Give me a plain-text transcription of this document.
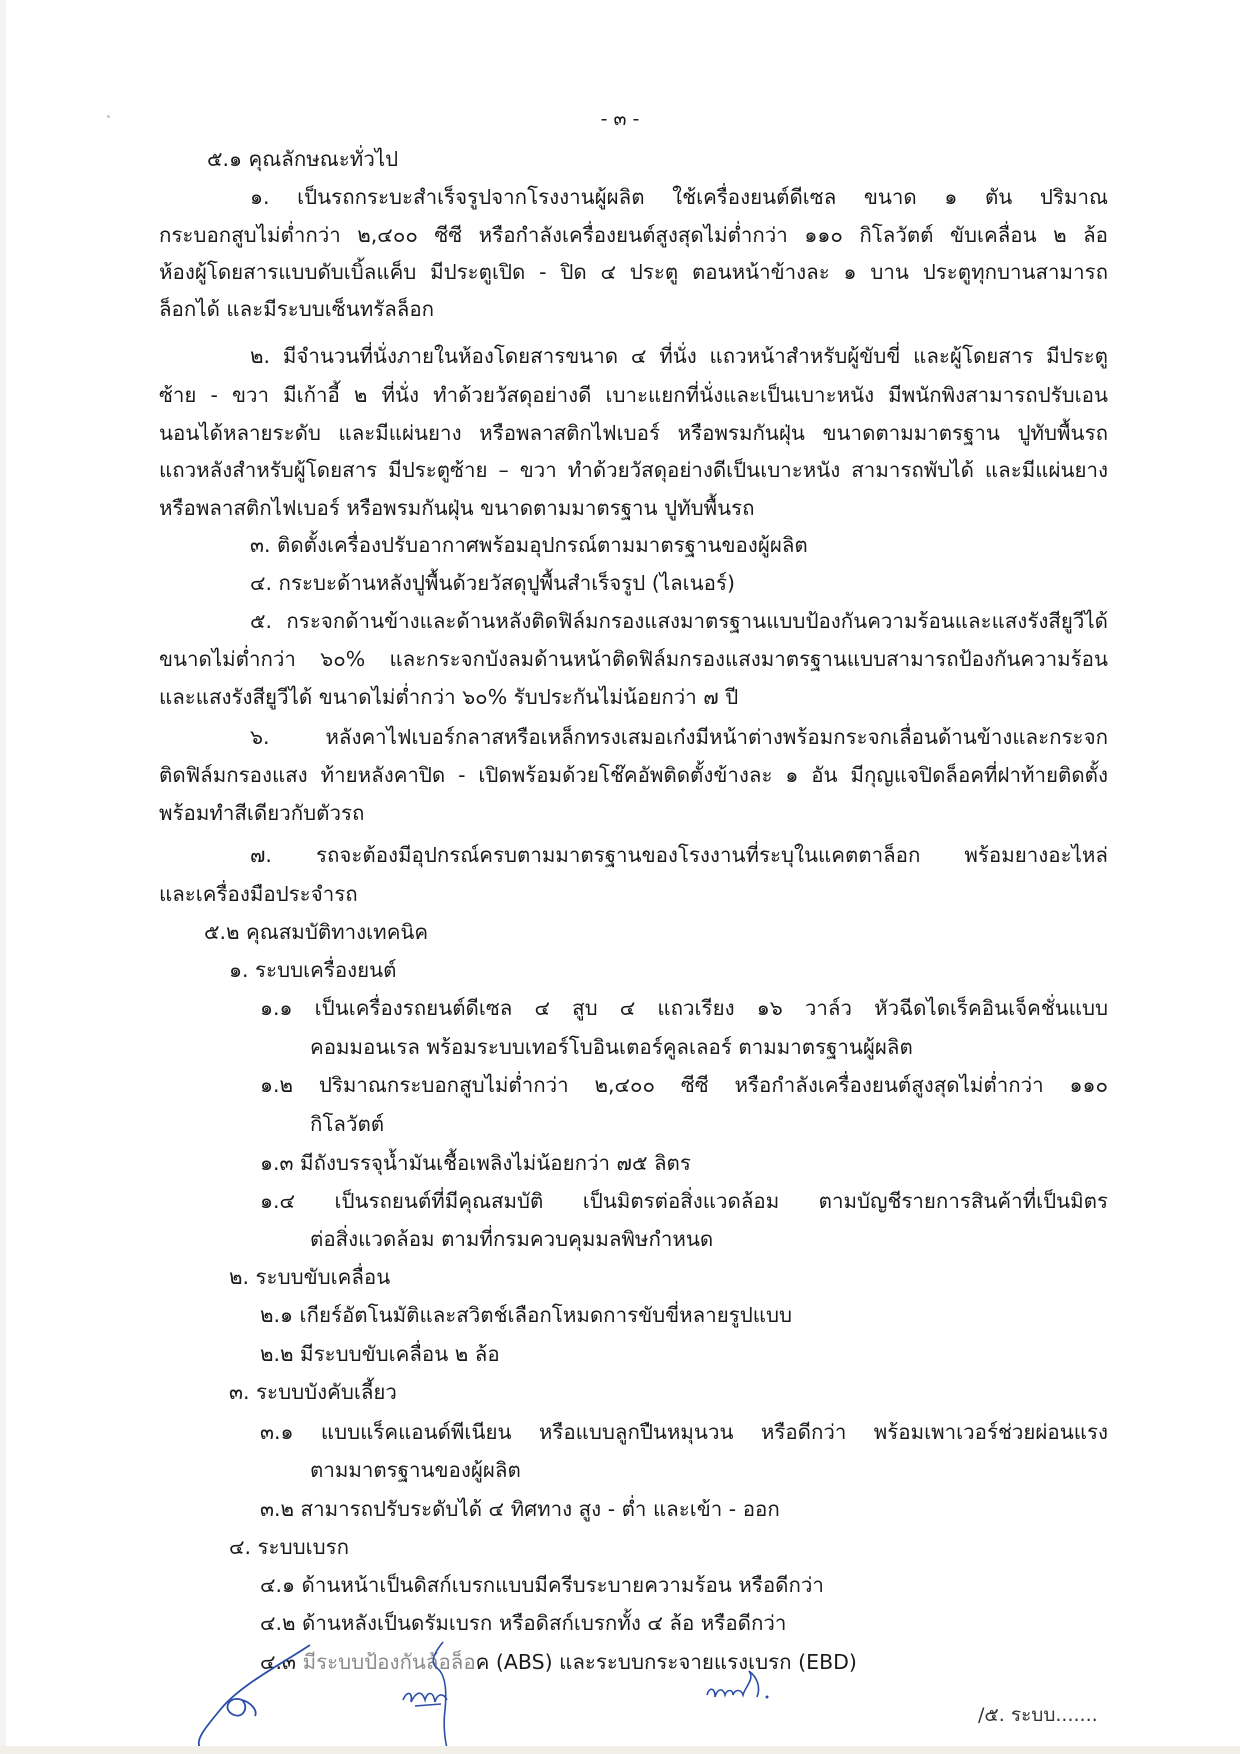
- ๓ -
๕.๑ คุณลักษณะทั่วไป
๑. เป็นรถกระบะสำเร็จรูปจากโรงงานผู้ผลิต ใช้เครื่องยนต์ดีเซล ขนาด ๑ ตัน ปริมาณ
กระบอกสูบไม่ต่ำกว่า ๒,๔๐๐ ซีซี หรือกำลังเครื่องยนต์สูงสุดไม่ต่ำกว่า ๑๑๐ กิโลวัตต์ ขับเคลื่อน ๒ ล้อ
ห้องผู้โดยสารแบบดับเบิ้ลแค็บ มีประตูเปิด - ปิด ๔ ประตู ตอนหน้าข้างละ ๑ บาน ประตูทุกบานสามารถ
ล็อกได้ และมีระบบเซ็นทรัลล็อก
๒. มีจำนวนที่นั่งภายในห้องโดยสารขนาด ๔ ที่นั่ง แถวหน้าสำหรับผู้ขับขี่ และผู้โดยสาร มีประตู
ซ้าย - ขวา มีเก้าอี้ ๒ ที่นั่ง ทำด้วยวัสดุอย่างดี เบาะแยกที่นั่งและเป็นเบาะหนัง มีพนักพิงสามารถปรับเอน
นอนได้หลายระดับ และมีแผ่นยาง หรือพลาสติกไฟเบอร์ หรือพรมกันฝุ่น ขนาดตามมาตรฐาน ปูทับพื้นรถ
แถวหลังสำหรับผู้โดยสาร มีประตูซ้าย – ขวา ทำด้วยวัสดุอย่างดีเป็นเบาะหนัง สามารถพับได้ และมีแผ่นยาง
หรือพลาสติกไฟเบอร์ หรือพรมกันฝุ่น ขนาดตามมาตรฐาน ปูทับพื้นรถ
๓. ติดตั้งเครื่องปรับอากาศพร้อมอุปกรณ์ตามมาตรฐานของผู้ผลิต
๔. กระบะด้านหลังปูพื้นด้วยวัสดุปูพื้นสำเร็จรูป (ไลเนอร์)
๕. กระจกด้านข้างและด้านหลังติดฟิล์มกรองแสงมาตรฐานแบบป้องกันความร้อนและแสงรังสียูวีได้
ขนาดไม่ต่ำกว่า ๖๐% และกระจกบังลมด้านหน้าติดฟิล์มกรองแสงมาตรฐานแบบสามารถป้องกันความร้อน
และแสงรังสียูวีได้ ขนาดไม่ต่ำกว่า ๖๐% รับประกันไม่น้อยกว่า ๗ ปี
๖. หลังคาไฟเบอร์กลาสหรือเหล็กทรงเสมอเก๋งมีหน้าต่างพร้อมกระจกเลื่อนด้านข้างและกระจก
ติดฟิล์มกรองแสง ท้ายหลังคาปิด - เปิดพร้อมด้วยโช๊คอัพติดตั้งข้างละ ๑ อัน มีกุญแจปิดล็อคที่ฝาท้ายติดตั้ง
พร้อมทำสีเดียวกับตัวรถ
๗. รถจะต้องมีอุปกรณ์ครบตามมาตรฐานของโรงงานที่ระบุในแคตตาล็อก พร้อมยางอะไหล่
และเครื่องมือประจำรถ
๕.๒ คุณสมบัติทางเทคนิค
๑. ระบบเครื่องยนต์
๑.๑ เป็นเครื่องรถยนต์ดีเซล ๔ สูบ ๔ แถวเรียง ๑๖ วาล์ว หัวฉีดไดเร็คอินเจ็คชั่นแบบ
คอมมอนเรล พร้อมระบบเทอร์โบอินเตอร์คูลเลอร์ ตามมาตรฐานผู้ผลิต
๑.๒ ปริมาณกระบอกสูบไม่ต่ำกว่า ๒,๔๐๐ ซีซี หรือกำลังเครื่องยนต์สูงสุดไม่ต่ำกว่า ๑๑๐
กิโลวัตต์
๑.๓ มีถังบรรจุน้ำมันเชื้อเพลิงไม่น้อยกว่า ๗๕ ลิตร
๑.๔ เป็นรถยนต์ที่มีคุณสมบัติ เป็นมิตรต่อสิ่งแวดล้อม ตามบัญชีรายการสินค้าที่เป็นมิตร
ต่อสิ่งแวดล้อม ตามที่กรมควบคุมมลพิษกำหนด
๒. ระบบขับเคลื่อน
๒.๑ เกียร์อัตโนมัติและสวิตช์เลือกโหมดการขับขี่หลายรูปแบบ
๒.๒ มีระบบขับเคลื่อน ๒ ล้อ
๓. ระบบบังคับเลี้ยว
๓.๑ แบบแร็คแอนด์พีเนียน หรือแบบลูกปืนหมุนวน หรือดีกว่า พร้อมเพาเวอร์ช่วยผ่อนแรง
ตามมาตรฐานของผู้ผลิต
๓.๒ สามารถปรับระดับได้ ๔ ทิศทาง สูง - ต่ำ และเข้า - ออก
๔. ระบบเบรก
๔.๑ ด้านหน้าเป็นดิสก์เบรกแบบมีครีบระบายความร้อน หรือดีกว่า
๔.๒ ด้านหลังเป็นดรัมเบรก หรือดิสก์เบรกทั้ง ๔ ล้อ หรือดีกว่า
๔.๓ มีระบบป้องกันล้อล็อค (ABS) และระบบกระจายแรงเบรก (EBD)
/๕. ระบบ.......
